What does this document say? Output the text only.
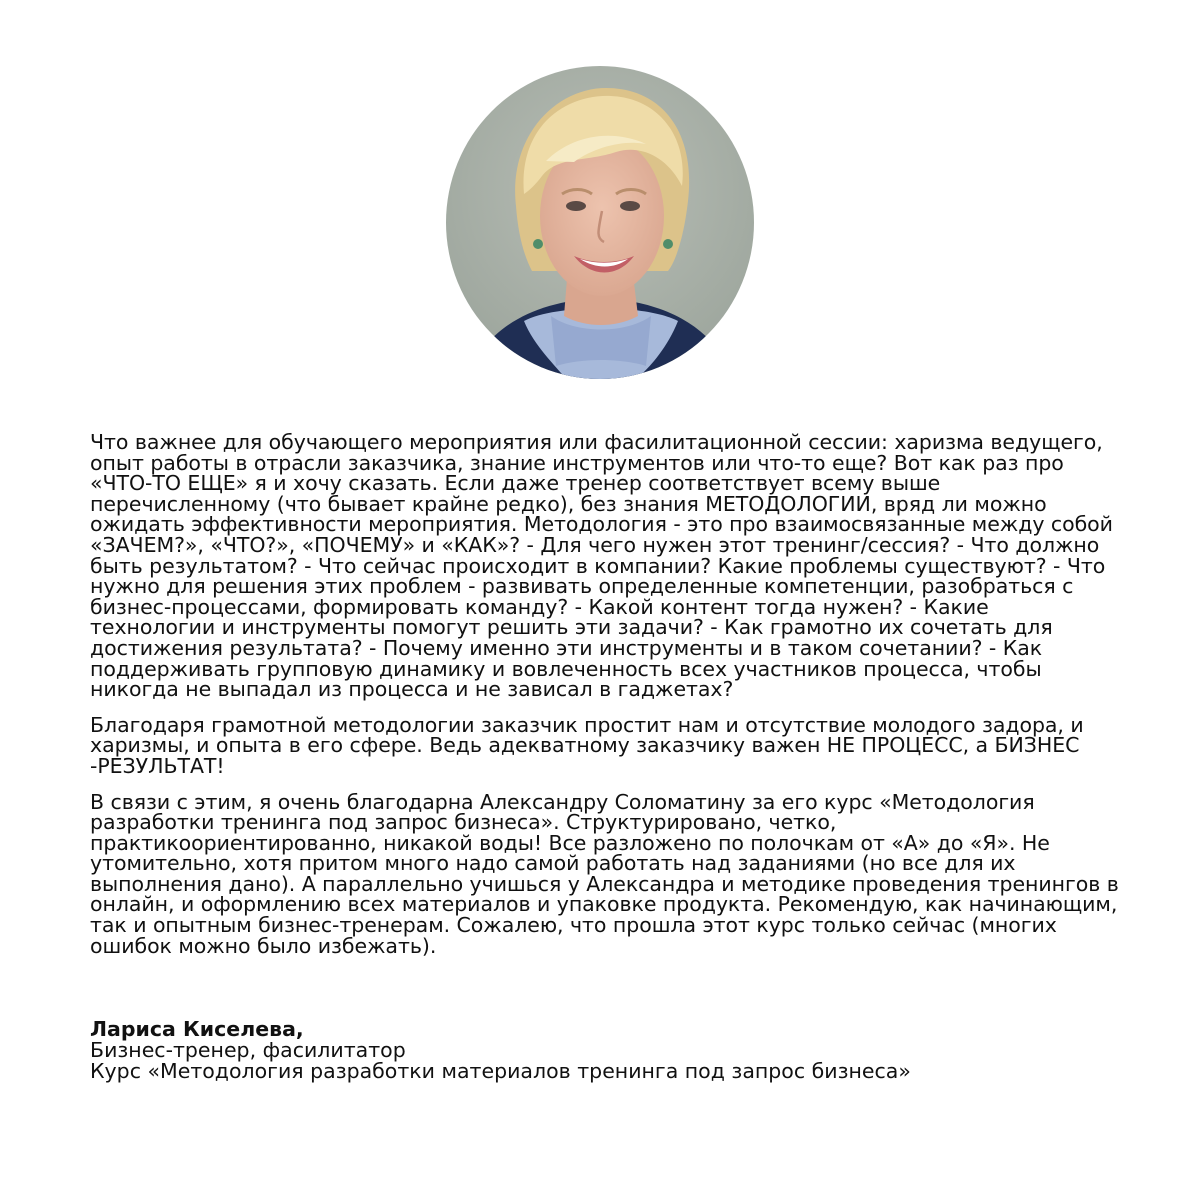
Что важнее для обучающего мероприятия или фасилитационной сессии: харизма ведущего, опыт работы в отрасли заказчика, знание инструментов или что-то еще? Вот как раз про «ЧТО-ТО ЕЩЕ» я и хочу сказать. Если даже тренер соответствует всему выше перечисленному (что бывает крайне редко), без знания МЕТОДОЛОГИИ, вряд ли можно ожидать эффективности мероприятия. Методология - это про взаимосвязанные между собой «ЗАЧЕМ?», «ЧТО?», «ПОЧЕМУ» и «КАК»? - Для чего нужен этот тренинг/сессия? - Что должно быть результатом? - Что сейчас происходит в компании? Какие проблемы существуют? - Что нужно для решения этих проблем - развивать определенные компетенции, разобраться с бизнес-процессами, формировать команду? - Какой контент тогда нужен? - Какие технологии и инструменты помогут решить эти задачи? - Как грамотно их сочетать для достижения результата? - Почему именно эти инструменты и в таком сочетании? - Как поддерживать групповую динамику и вовлеченность всех участников процесса, чтобы никогда не выпадал из процесса и не зависал в гаджетах?

Благодаря грамотной методологии заказчик простит нам и отсутствие молодого задора, и харизмы, и опыта в его сфере. Ведь адекватному заказчику важен НЕ ПРОЦЕСС, а БИЗНЕС -РЕЗУЛЬТАТ!

В связи с этим, я очень благодарна Александру Соломатину за его курс «Методология разработки тренинга под запрос бизнеса». Структурировано, четко, практикоориентированно, никакой воды! Все разложено по полочкам от «А» до «Я». Не утомительно, хотя притом много надо самой работать над заданиями (но все для их выполнения дано). А параллельно учишься у Александра и методике проведения тренингов в онлайн, и оформлению всех материалов и упаковке продукта. Рекомендую, как начинающим, так и опытным бизнес-тренерам. Сожалею, что прошла этот курс только сейчас (многих ошибок можно было избежать).

Лариса Киселева,
Бизнес-тренер, фасилитатор
Курс «Методология разработки материалов тренинга под запрос бизнеса»
